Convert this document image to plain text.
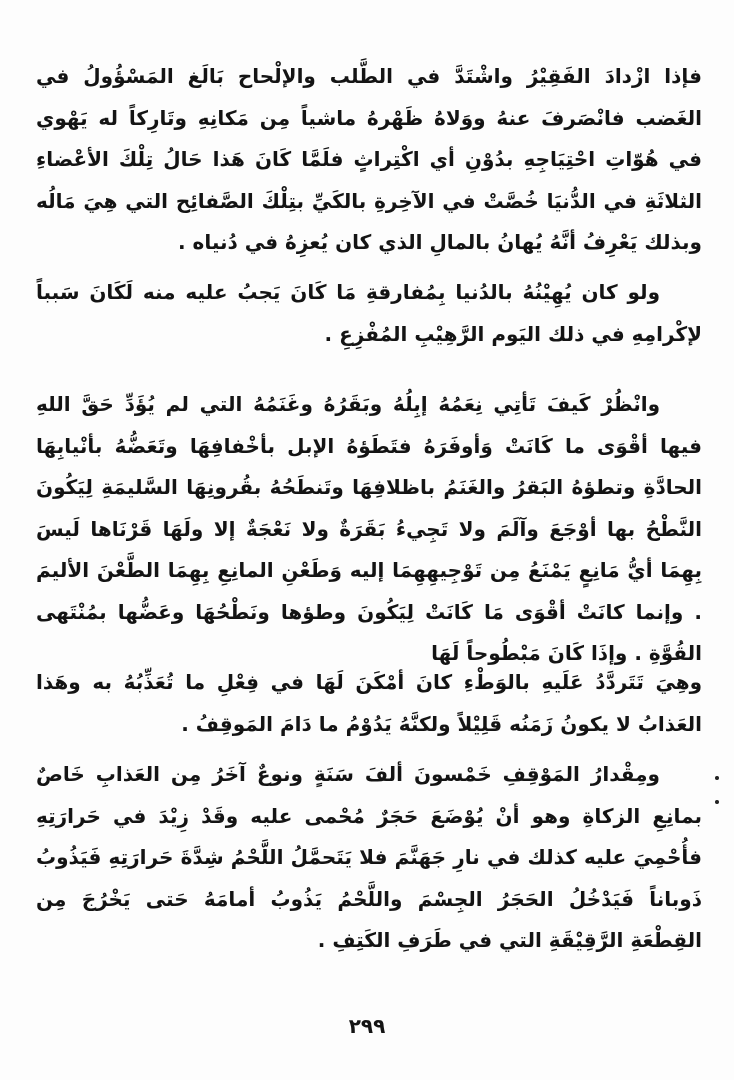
فإذا ازْدادَ الفَقِيْرُ واشْتَدَّ في الطَّلب والإلْحاح بَالَغ المَسْؤُولُ في الغَضب فانْصَرفَ عنهُ ووَلاهُ ظَهْرهُ ماشياً مِن مَكانِهِ وتَارِكاً له يَهْوي في هُوّاتِ احْتِيَاجِهِ بدُوْنِ أي اكْتِراثٍ فلَمَّا كَانَ هَذا حَالُ تِلْكَ الأعْضاءِ الثلاثَةِ في الدُّنيَا خُصَّتْ في الآخِرةِ بالكَيِّ بتِلْكَ الصَّفائِح التي هِيَ مَالُه وبذلك يَعْرِفُ أنَّهُ يُهانُ بالمالِ الذي كان يُعزِهُ في دُنياه .

ولو كان يُهِيْنُهُ بالدُنيا بِمُفارقةِ مَا كَانَ يَجبُ عليه منه لَكَانَ سَبباً لإكْرامِهِ في ذلك اليَوم الرَّهِيْبِ المُفْزِعِ .

وانْظُرْ كَيفَ تَأتِي نِعَمُهُ إبِلُهُ وبَقَرُهُ وغَنَمُهُ التي لم يُؤَدِّ حَقَّ اللهِ فيها أقْوَى ما كَانَتْ وَأوفَرَهُ فتَطَؤهُ الإبل بأخْفافِهَا وتَعَضُّهُ بأنْيابِهَا الحادَّةِ وتطؤهُ البَقرُ والغَنَمُ باظلافِهَا وتَنطَحُهُ بقُرونِهَا السَّليمَةِ لِيَكُونَ النَّطْحُ بها أوْجَعَ وآلَمَ ولا تَجِيءُ بَقَرَةٌ ولا نَعْجَةٌ إلا ولَهَا قَرْنَاها لَيسَ بِهِمَا أيُّ مَانِعٍ يَمْنَعُ مِن تَوْجِيهِهِمَا إليه وَطَعْنِ المانِعِ بِهِمَا الطَّعْنَ الأليمَ . وإنما كانَتْ أقْوَى مَا كَانَتْ لِيَكُونَ وطؤها ونَطْحُهَا وعَضُّها بمُنْتَهى القُوَّةِ . وإذَا كَانَ مَبْطُوحاً لَهَا

وهِيَ تَتَردَّدُ عَلَيهِ بالوَطْءِ كانَ أمْكَنَ لَهَا في فِعْلِ ما تُعَذِّبُهُ به وهَذا العَذابُ لا يكونُ زَمَنُه قَلِيْلاً ولكنَّهُ يَدُوْمُ ما دَامَ المَوقِفُ .

ومِقْدارُ المَوْقِفِ خَمْسونَ ألفَ سَنَةٍ ونوعٌ آخَرُ مِن العَذابِ خَاصٌ بمانِعِ الزكاةِ وهو أنْ يُوْضَعَ حَجَرٌ مُحْمى عليه وقَدْ زِيْدَ في حَرارَتِهِ فأُحْمِيَ عليه كذلك في نارِ جَهَنَّمَ فلا يَتَحمَّلُ اللَّحْمُ شِدَّةَ حَرارَتِهِ فَيَذُوبُ ذَوباناً فَيَدْخُلُ الحَجَرُ الجِسْمَ واللَّحْمُ يَذُوبُ أمامَهُ حَتى يَخْرُجَ مِن القِطْعَةِ الرَّقِيْقَةِ التي في طَرَفِ الكَتِفِ .

٢٩٩
